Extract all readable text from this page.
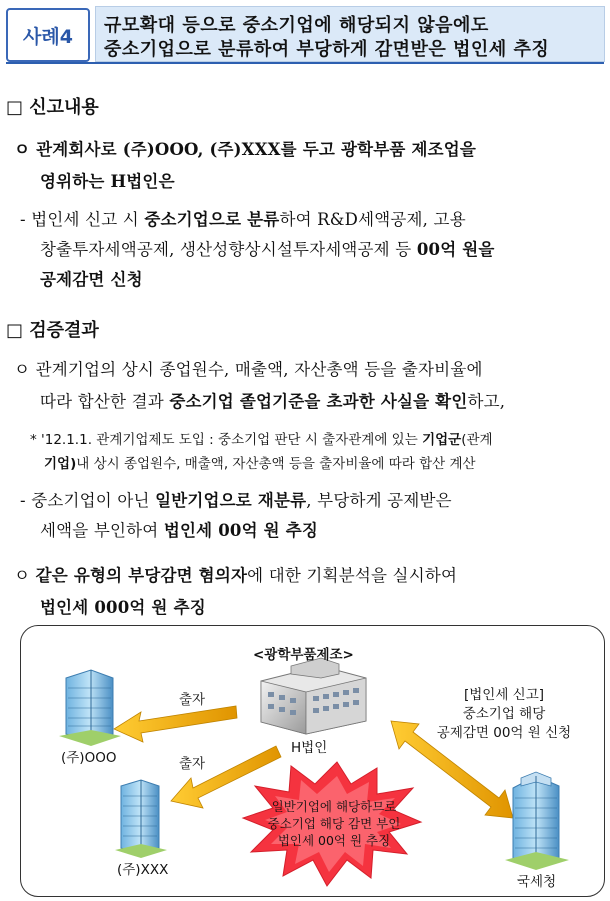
사례4 규모확대 등으로 중소기업에 해당되지 않음에도
중소기업으로 분류하여 부당하게 감면받은 법인세 추징
□ 신고내용
ㅇ 관계회사로 (주)OOO, (주)XXX를 두고 광학부품 제조업을
영위하는 H법인은
- 법인세 신고 시 중소기업으로 분류하여 R&D세액공제, 고용
창출투자세액공제, 생산성향상시설투자세액공제 등 00억 원을
공제감면 신청
□ 검증결과
ㅇ 관계기업의 상시 종업원수, 매출액, 자산총액 등을 출자비율에
따라 합산한 결과 중소기업 졸업기준을 초과한 사실을 확인하고,
* '12.1.1. 관계기업제도 도입 : 중소기업 판단 시 출자관계에 있는 기업군(관계
기업)내 상시 종업원수, 매출액, 자산총액 등을 출자비율에 따라 합산 계산
- 중소기업이 아닌 일반기업으로 재분류, 부당하게 공제받은
세액을 부인하여 법인세 00억 원 추징
ㅇ 같은 유형의 부당감면 혐의자에 대한 기획분석을 실시하여
법인세 000억 원 추징
<광학부품제조>
H법인
(주)OOO
(주)XXX
국세청
출자
출자
[법인세 신고]
중소기업 해당
공제감면 00억 원 신청
일반기업에 해당하므로
중소기업 해당 감면 부인
법인세 00억 원 추징
